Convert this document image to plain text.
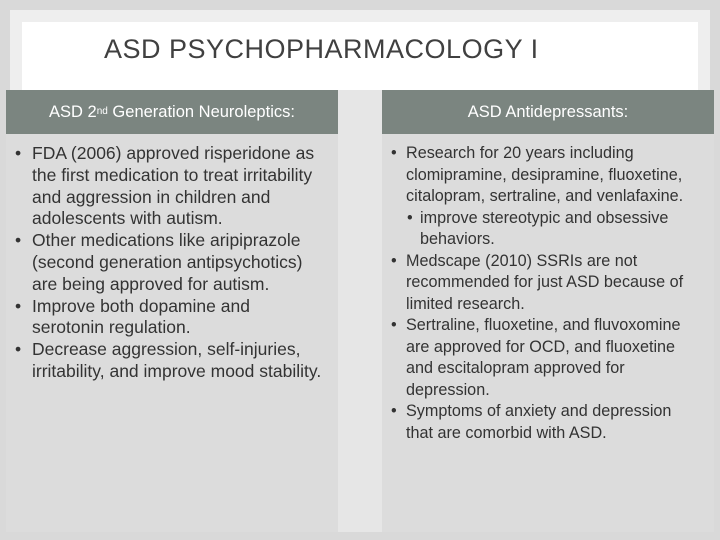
ASD PSYCHOPHARMACOLOGY I
ASD 2 nd Generation Neuroleptics:
• FDA (2006) approved risperidone as the first medication to treat irritability and aggression in children and adolescents with autism.
• Other medications like aripiprazole (second generation antipsychotics) are being approved for autism.
• Improve both dopamine and serotonin regulation.
• Decrease aggression, self-injuries, irritability, and improve mood stability.
ASD Antidepressants:
• Research for 20 years including clomipramine, desipramine, fluoxetine, citalopram, sertraline, and venlafaxine.
• improve stereotypic and obsessive behaviors.
• Medscape (2010) SSRIs are not recommended for just ASD because of limited research.
• Sertraline, fluoxetine, and fluvoxomine are approved for OCD, and fluoxetine and escitalopram approved for depression.
• Symptoms of anxiety and depression that are comorbid with ASD.
